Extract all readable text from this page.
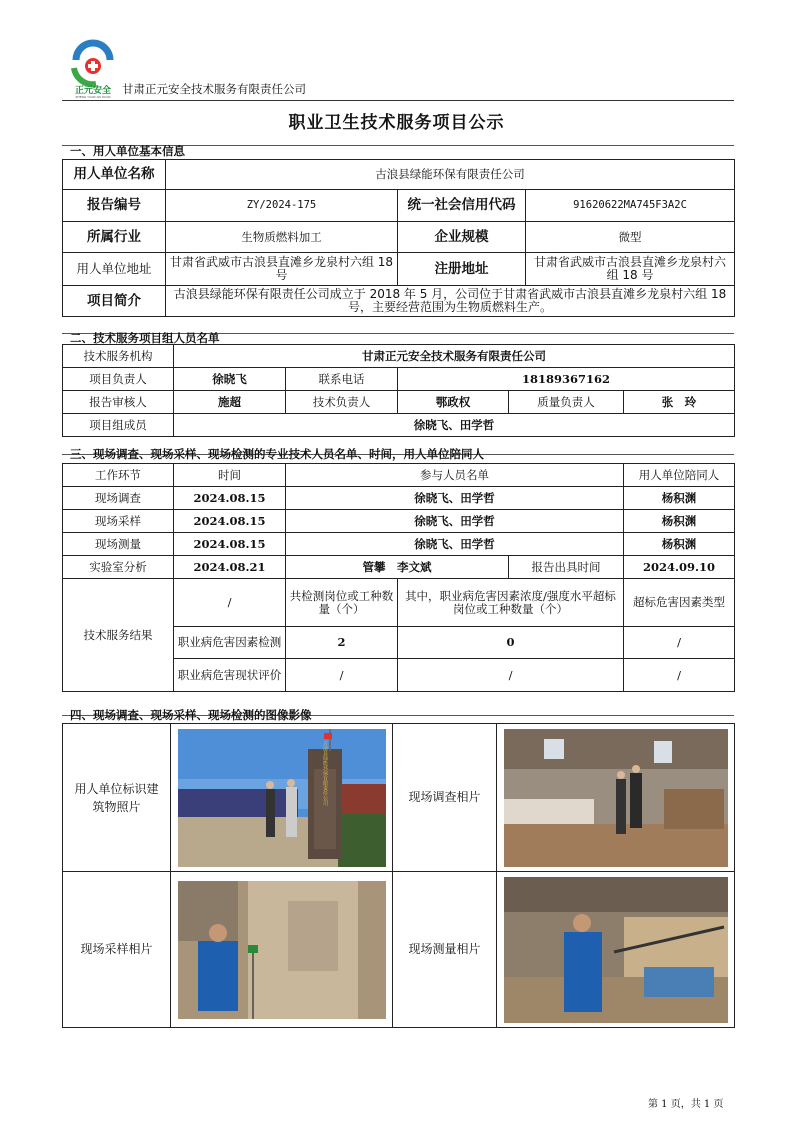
正元安全
ZHENG YUAN AN QUAN
甘肃正元安全技术服务有限责任公司
职业卫生技术服务项目公示
一、用人单位基本信息
用人单位名称	古浪县绿能环保有限责任公司		
报告编号	ZY/2024-175	统一社会信用代码	91620622MA745F3A2C
所属行业	生物质燃料加工	企业规模	微型
用人单位地址	甘肃省武威市古浪县直滩乡龙泉村六组 18 号	注册地址	甘肃省武威市古浪县直滩乡龙泉村六组 18 号
项目简介	古浪县绿能环保有限责任公司成立于 2018 年 5 月，公司位于甘肃省武威市古浪县直滩乡龙泉村六组 18 号，主要经营范围为生物质燃料生产。		
二、技术服务项目组人员名单
技术服务机构	甘肃正元安全技术服务有限责任公司				
项目负责人	徐晓飞	联系电话	18189367162		
报告审核人	施超	技术负责人	鄂政权	质量负责人	张　玲
项目组成员	徐晓飞、田学哲				
三、现场调查、现场采样、现场检测的专业技术人员名单、时间，用人单位陪同人
工作环节	时间	参与人员名单			用人单位陪同人
现场调查	2024.08.15	徐晓飞、田学哲			杨积渊
现场采样	2024.08.15	徐晓飞、田学哲			杨积渊
现场测量	2024.08.15	徐晓飞、田学哲			杨积渊
实验室分析	2024.08.21	管攀　李文斌		报告出具时间	2024.09.10
技术服务结果	/	共检测岗位或工种数量（个）	其中，职业病危害因素浓度/强度水平超标岗位或工种数量（个）		超标危害因素类型
	职业病危害因素检测	2	0		/
	职业病危害现状评价	/	/		/
四、现场调查、现场采样、现场检测的图像影像
用人单位标识建筑物照片	古浪县绿能环保有限责任公司	现场调查相片	

现场采样相片		现场测量相片	
第 1 页，共 1 页
